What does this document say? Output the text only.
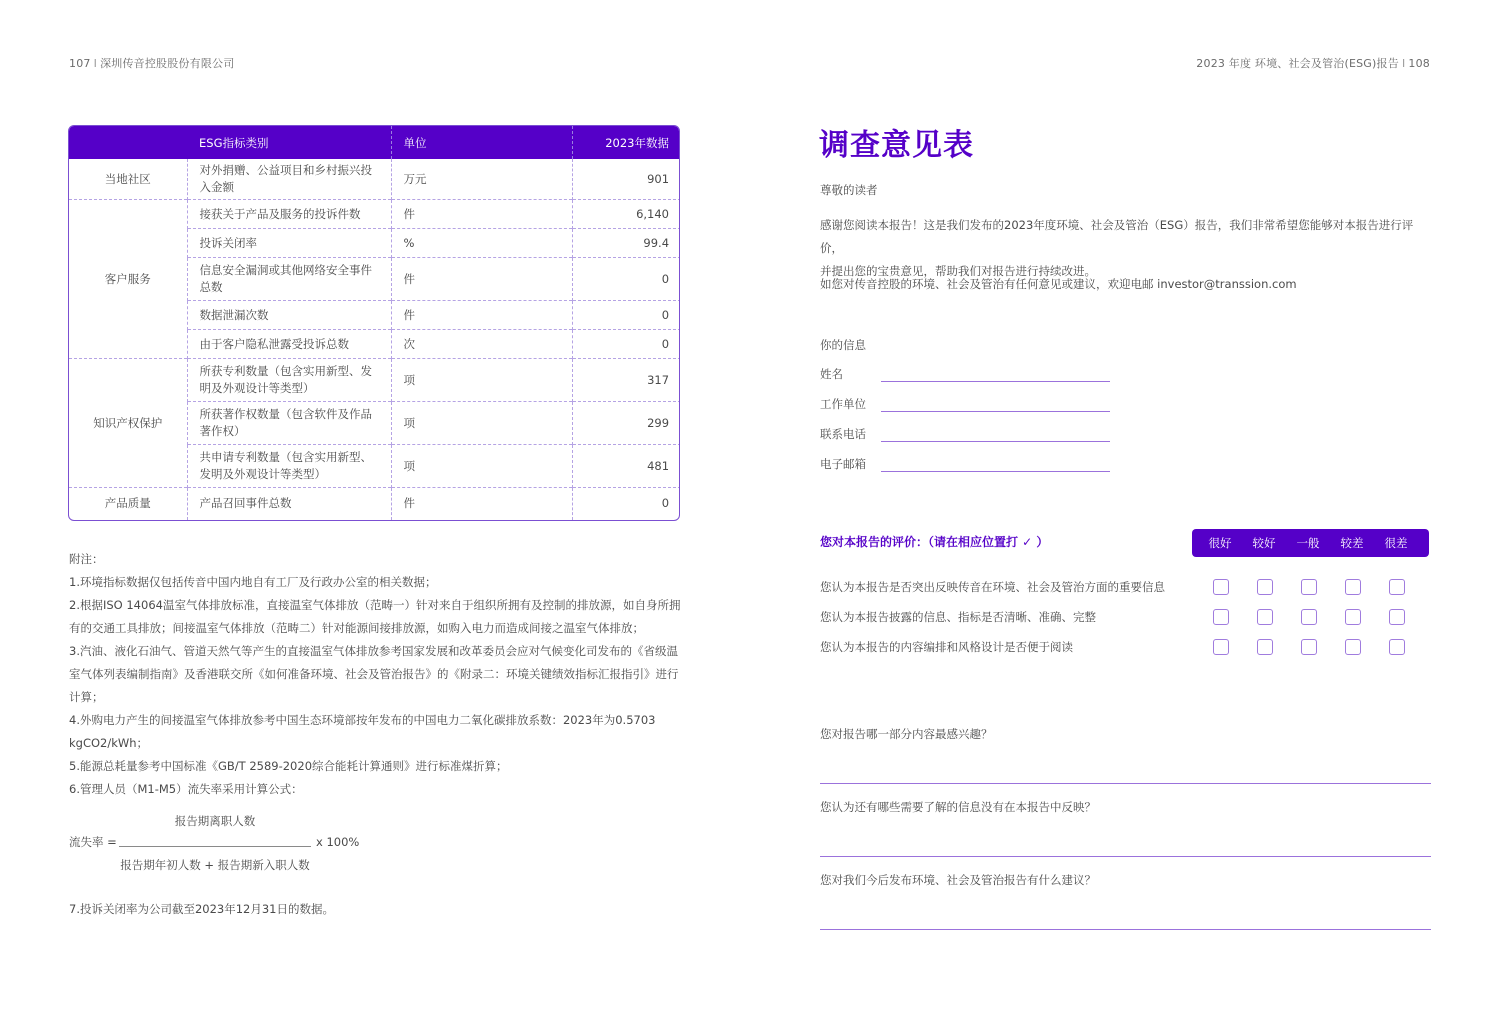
107 I 深圳传音控股股份有限公司	2023 年度 环境、社会及管治(ESG)报告 I 108
ESG指标类别		单位	2023年数据
当地社区	对外捐赠、公益项目和乡村振兴投入金额	万元	901
客户服务	接获关于产品及服务的投诉件数	件	6,140
	投诉关闭率	%	99.4
	信息安全漏洞或其他网络安全事件总数	件	0
	数据泄漏次数	件	0
	由于客户隐私泄露受投诉总数	次	0
知识产权保护	所获专利数量（包含实用新型、发明及外观设计等类型）	项	317
	所获著作权数量（包含软件及作品著作权）	项	299
	共申请专利数量（包含实用新型、发明及外观设计等类型）	项	481
产品质量	产品召回事件总数	件	0
附注：
1.环境指标数据仅包括传音中国内地自有工厂及行政办公室的相关数据；
2.根据ISO 14064温室气体排放标准，直接温室气体排放（范畴一）针对来自于组织所拥有及控制的排放源，如自身所拥有的交通工具排放；间接温室气体排放（范畴二）针对能源间接排放源，如购入电力而造成间接之温室气体排放；
3.汽油、液化石油气、管道天然气等产生的直接温室气体排放参考国家发展和改革委员会应对气候变化司发布的《省级温室气体列表编制指南》及香港联交所《如何准备环境、社会及管治报告》的《附录二：环境关键绩效指标汇报指引》进行计算；
4.外购电力产生的间接温室气体排放参考中国生态环境部按年发布的中国电力二氧化碳排放系数：2023年为0.5703 kgCO2/kWh；
5.能源总耗量参考中国标准《GB/T 2589-2020综合能耗计算通则》进行标准煤折算；
6.管理人员（M1-M5）流失率采用计算公式：
流失率 =
报告期离职人数
报告期年初人数 + 报告期新入职人数
x 100%
7.投诉关闭率为公司截至2023年12月31日的数据。
调查意见表
尊敬的读者
感谢您阅读本报告！这是我们发布的2023年度环境、社会及管治（ESG）报告，我们非常希望您能够对本报告进行评价，
并提出您的宝贵意见，帮助我们对报告进行持续改进。
如您对传音控股的环境、社会及管治有任何意见或建议，欢迎电邮 investor@transsion.com
你的信息
姓名
工作单位
联系电话
电子邮箱
您对本报告的评价：（请在相应位置打 ✓ ）	很好	较好	一般	较差	很差
您认为本报告是否突出反映传音在环境、社会及管治方面的重要信息
您认为本报告披露的信息、指标是否清晰、准确、完整
您认为本报告的内容编排和风格设计是否便于阅读
您对报告哪一部分内容最感兴趣？
您认为还有哪些需要了解的信息没有在本报告中反映？
您对我们今后发布环境、社会及管治报告有什么建议？
